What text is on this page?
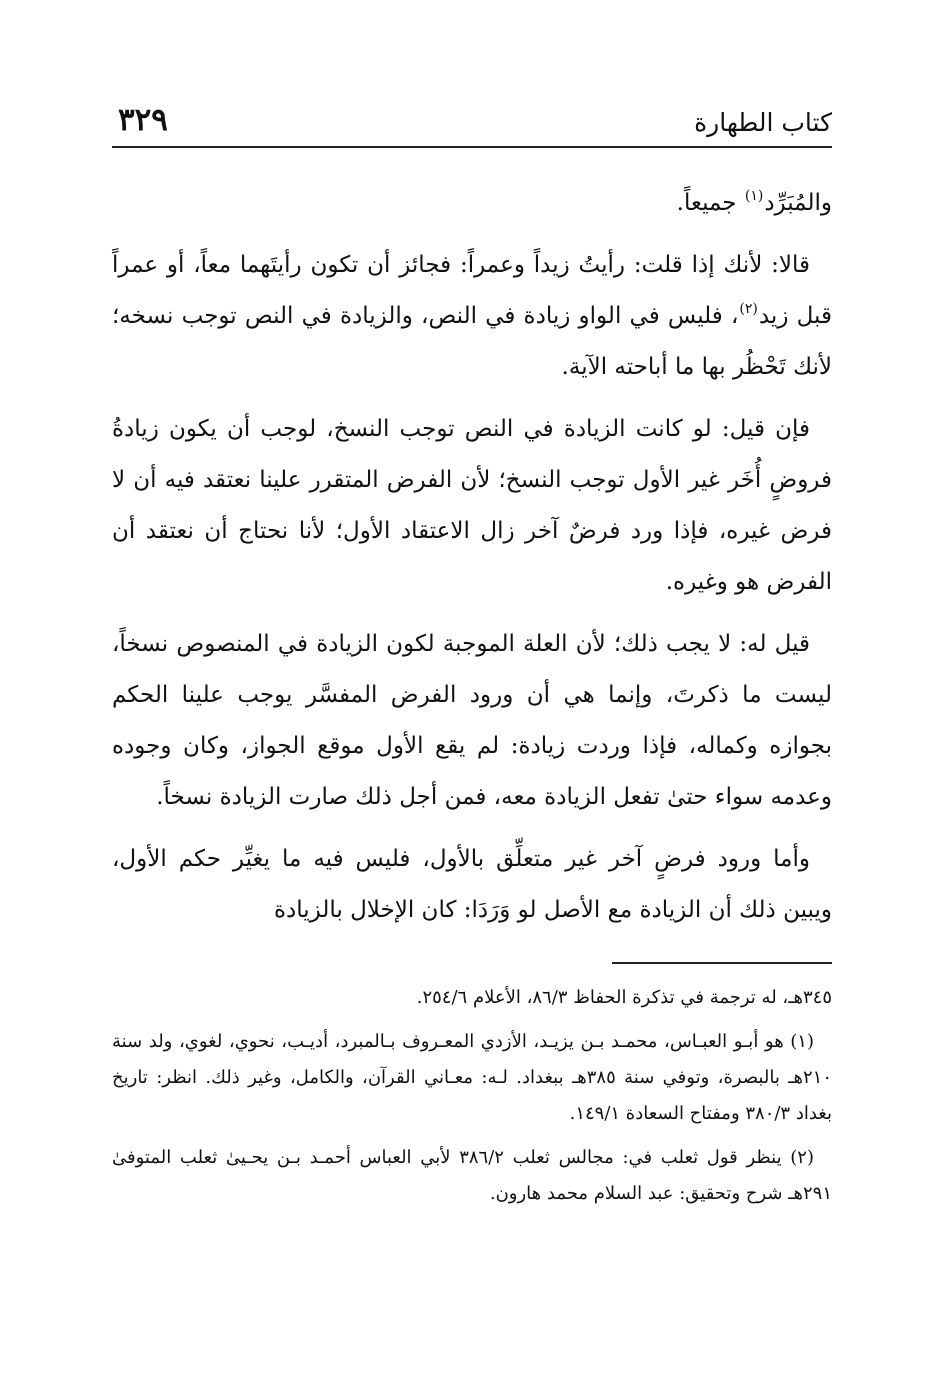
كتاب الطهارة
٣٢٩

والمُبَرِّد$^{(١)}$ جميعاً.

قالا: لأنك إذا قلت: رأيتُ زيداً وعمراً: فجائز أن تكون رأيتَهما معاً، أو عمراً قبل زيد$^{(٢)}$، فليس في الواو زيادة في النص، والزيادة في النص توجب نسخه؛ لأنك تَحْظُر بها ما أباحته الآية.

فإن قيل: لو كانت الزيادة في النص توجب النسخ، لوجب أن يكون زيادةُ فروضٍ أُخَر غير الأول توجب النسخ؛ لأن الفرض المتقرر علينا نعتقد فيه أن لا فرض غيره، فإذا ورد فرضٌ آخر زال الاعتقاد الأول؛ لأنا نحتاج أن نعتقد أن الفرض هو وغيره.

قيل له: لا يجب ذلك؛ لأن العلة الموجبة لكون الزيادة في المنصوص نسخاً، ليست ما ذكرتَ، وإنما هي أن ورود الفرض المفسَّر يوجب علينا الحكم بجوازه وكماله، فإذا وردت زيادة: لم يقع الأول موقع الجواز، وكان وجوده وعدمه سواء حتىٰ تفعل الزيادة معه، فمن أجل ذلك صارت الزيادة نسخاً.

وأما ورود فرضٍ آخر غير متعلِّق بالأول، فليس فيه ما يغيِّر حكم الأول، ويبين ذلك أن الزيادة مع الأصل لو وَرَدَا: كان الإخلال بالزيادة

٣٤٥هـ، له ترجمة في تذكرة الحفاظ ٨٦/٣، الأعلام ٢٥٤/٦.

(١) هو أبـو العبـاس، محمـد بـن يزيـد، الأزدي المعـروف بـالمبرد، أديـب، نحوي، لغوي، ولد سنة ٢١٠هـ بالبصرة، وتوفي سنة ٣٨٥هـ ببغداد. لـه: معـاني القرآن، والكامل، وغير ذلك. انظر: تاريخ بغداد ٣٨٠/٣ ومفتاح السعادة ١٤٩/١.

(٢) ينظر قول ثعلب في: مجالس ثعلب ٣٨٦/٢ لأبي العباس أحمـد بـن يحـيىٰ ثعلب المتوفىٰ ٢٩١هـ شرح وتحقيق: عبد السلام محمد هارون.
